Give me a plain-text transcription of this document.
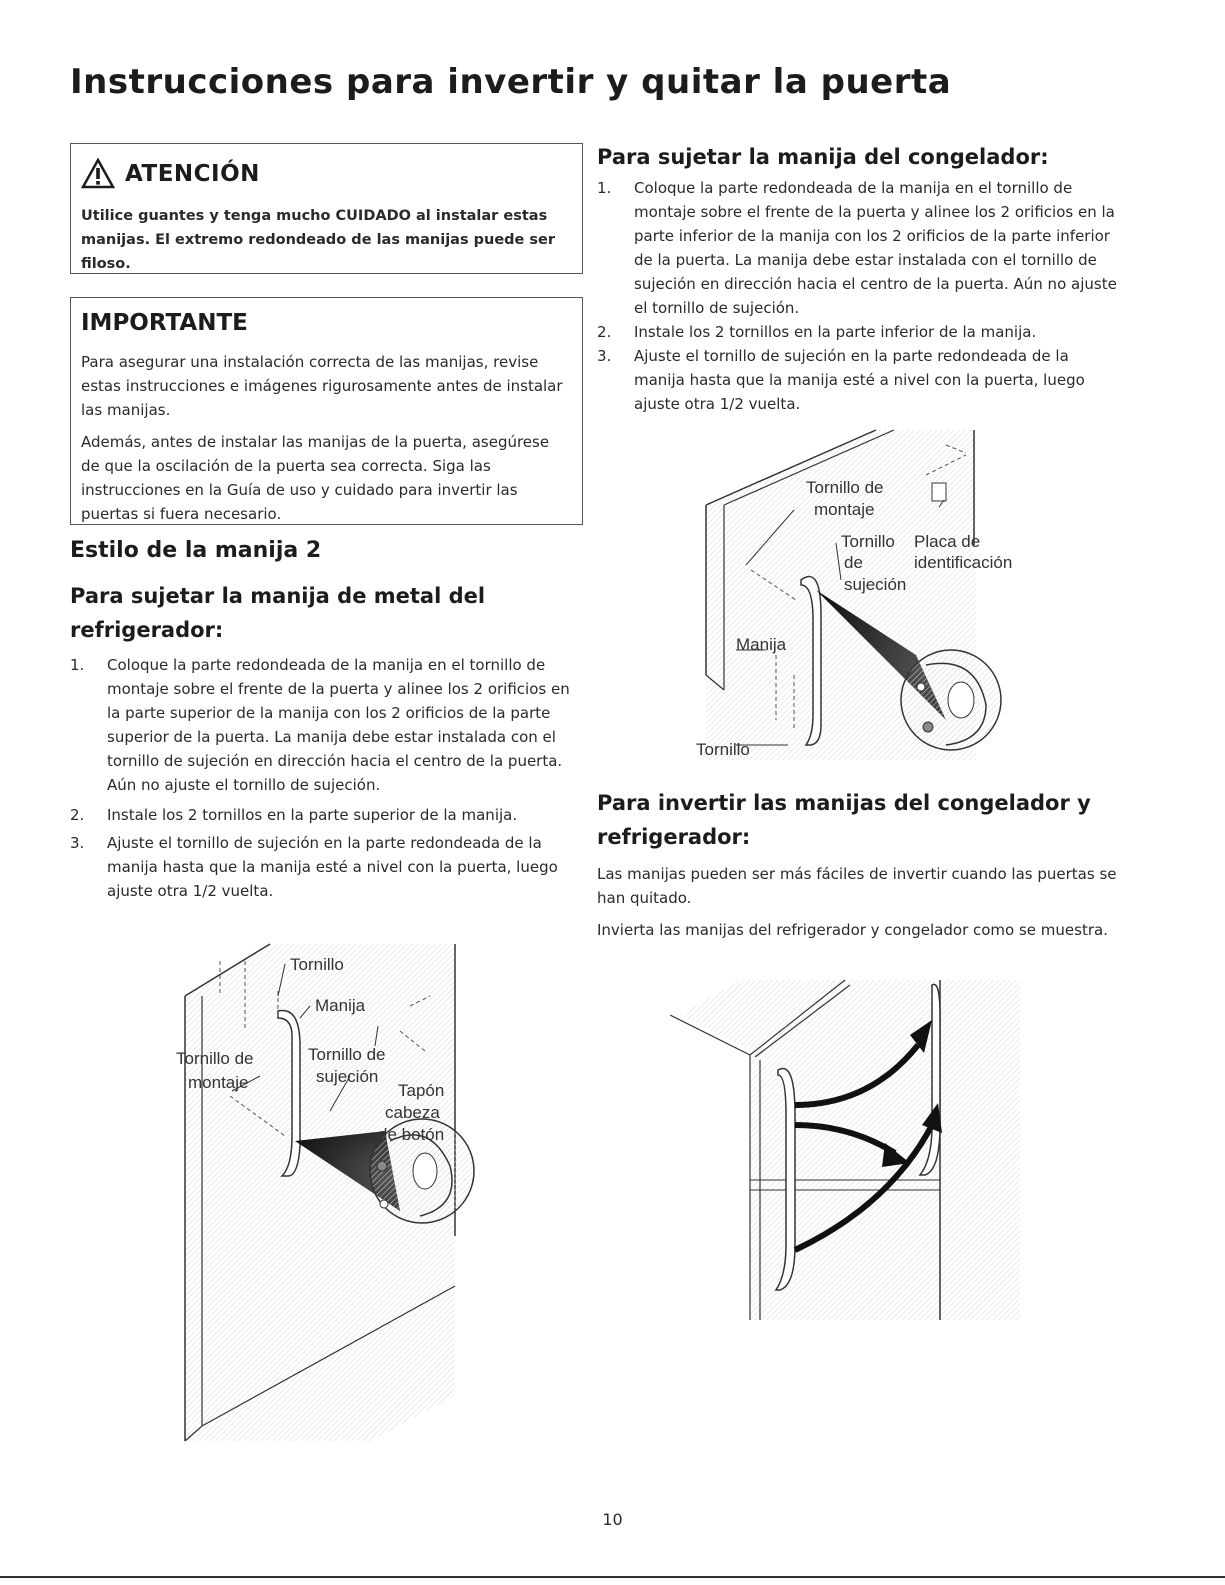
Instrucciones para invertir y quitar la puerta
ATENCIÓN
Utilice guantes y tenga mucho CUIDADO al instalar estas manijas. El extremo redondeado de las manijas puede ser filoso.
IMPORTANTE

Para asegurar una instalación correcta de las manijas, revise estas instrucciones e imágenes rigurosamente antes de instalar las manijas.

Además, antes de instalar las manijas de la puerta, asegúrese de que la oscilación de la puerta sea correcta. Siga las instrucciones en la Guía de uso y cuidado para invertir las puertas si fuera necesario.

Estilo de la manija 2
Para sujetar la manija de metal del
refrigerador:
1. Coloque la parte redondeada de la manija en el tornillo de montaje sobre el frente de la puerta y alinee los 2 orificios en la parte superior de la manija con los 2 orificios de la parte superior de la puerta. La manija debe estar instalada con el tornillo de sujeción en dirección hacia el centro de la puerta. Aún no ajuste el tornillo de sujeción.
2. Instale los 2 tornillos en la parte superior de la manija.
3. Ajuste el tornillo de sujeción en la parte redondeada de la manija hasta que la manija esté a nivel con la puerta, luego ajuste otra 1/2 vuelta.
Para sujetar la manija del congelador:
1. Coloque la parte redondeada de la manija en el tornillo de montaje sobre el frente de la puerta y alinee los 2 orificios en la parte inferior de la manija con los 2 orificios de la parte inferior de la puerta. La manija debe estar instalada con el tornillo de sujeción en dirección hacia el centro de la puerta. Aún no ajuste el tornillo de sujeción.
2. Instale los 2 tornillos en la parte inferior de la manija.
3. Ajuste el tornillo de sujeción en la parte redondeada de la manija hasta que la manija esté a nivel con la puerta, luego ajuste otra 1/2 vuelta.
Para invertir las manijas del congelador y
refrigerador:

Las manijas pueden ser más fáciles de invertir cuando las puertas se han quitado.

Invierta las manijas del refrigerador y congelador como se muestra.

Tornillo
Manija
Tornillo de
montaje
Tornillo de
sujeción
Tapón
cabeza
de botón
Tornillo de
montaje
Tornillo
de
sujeción
Placa de
identificación
Manija
Tornillo
10
